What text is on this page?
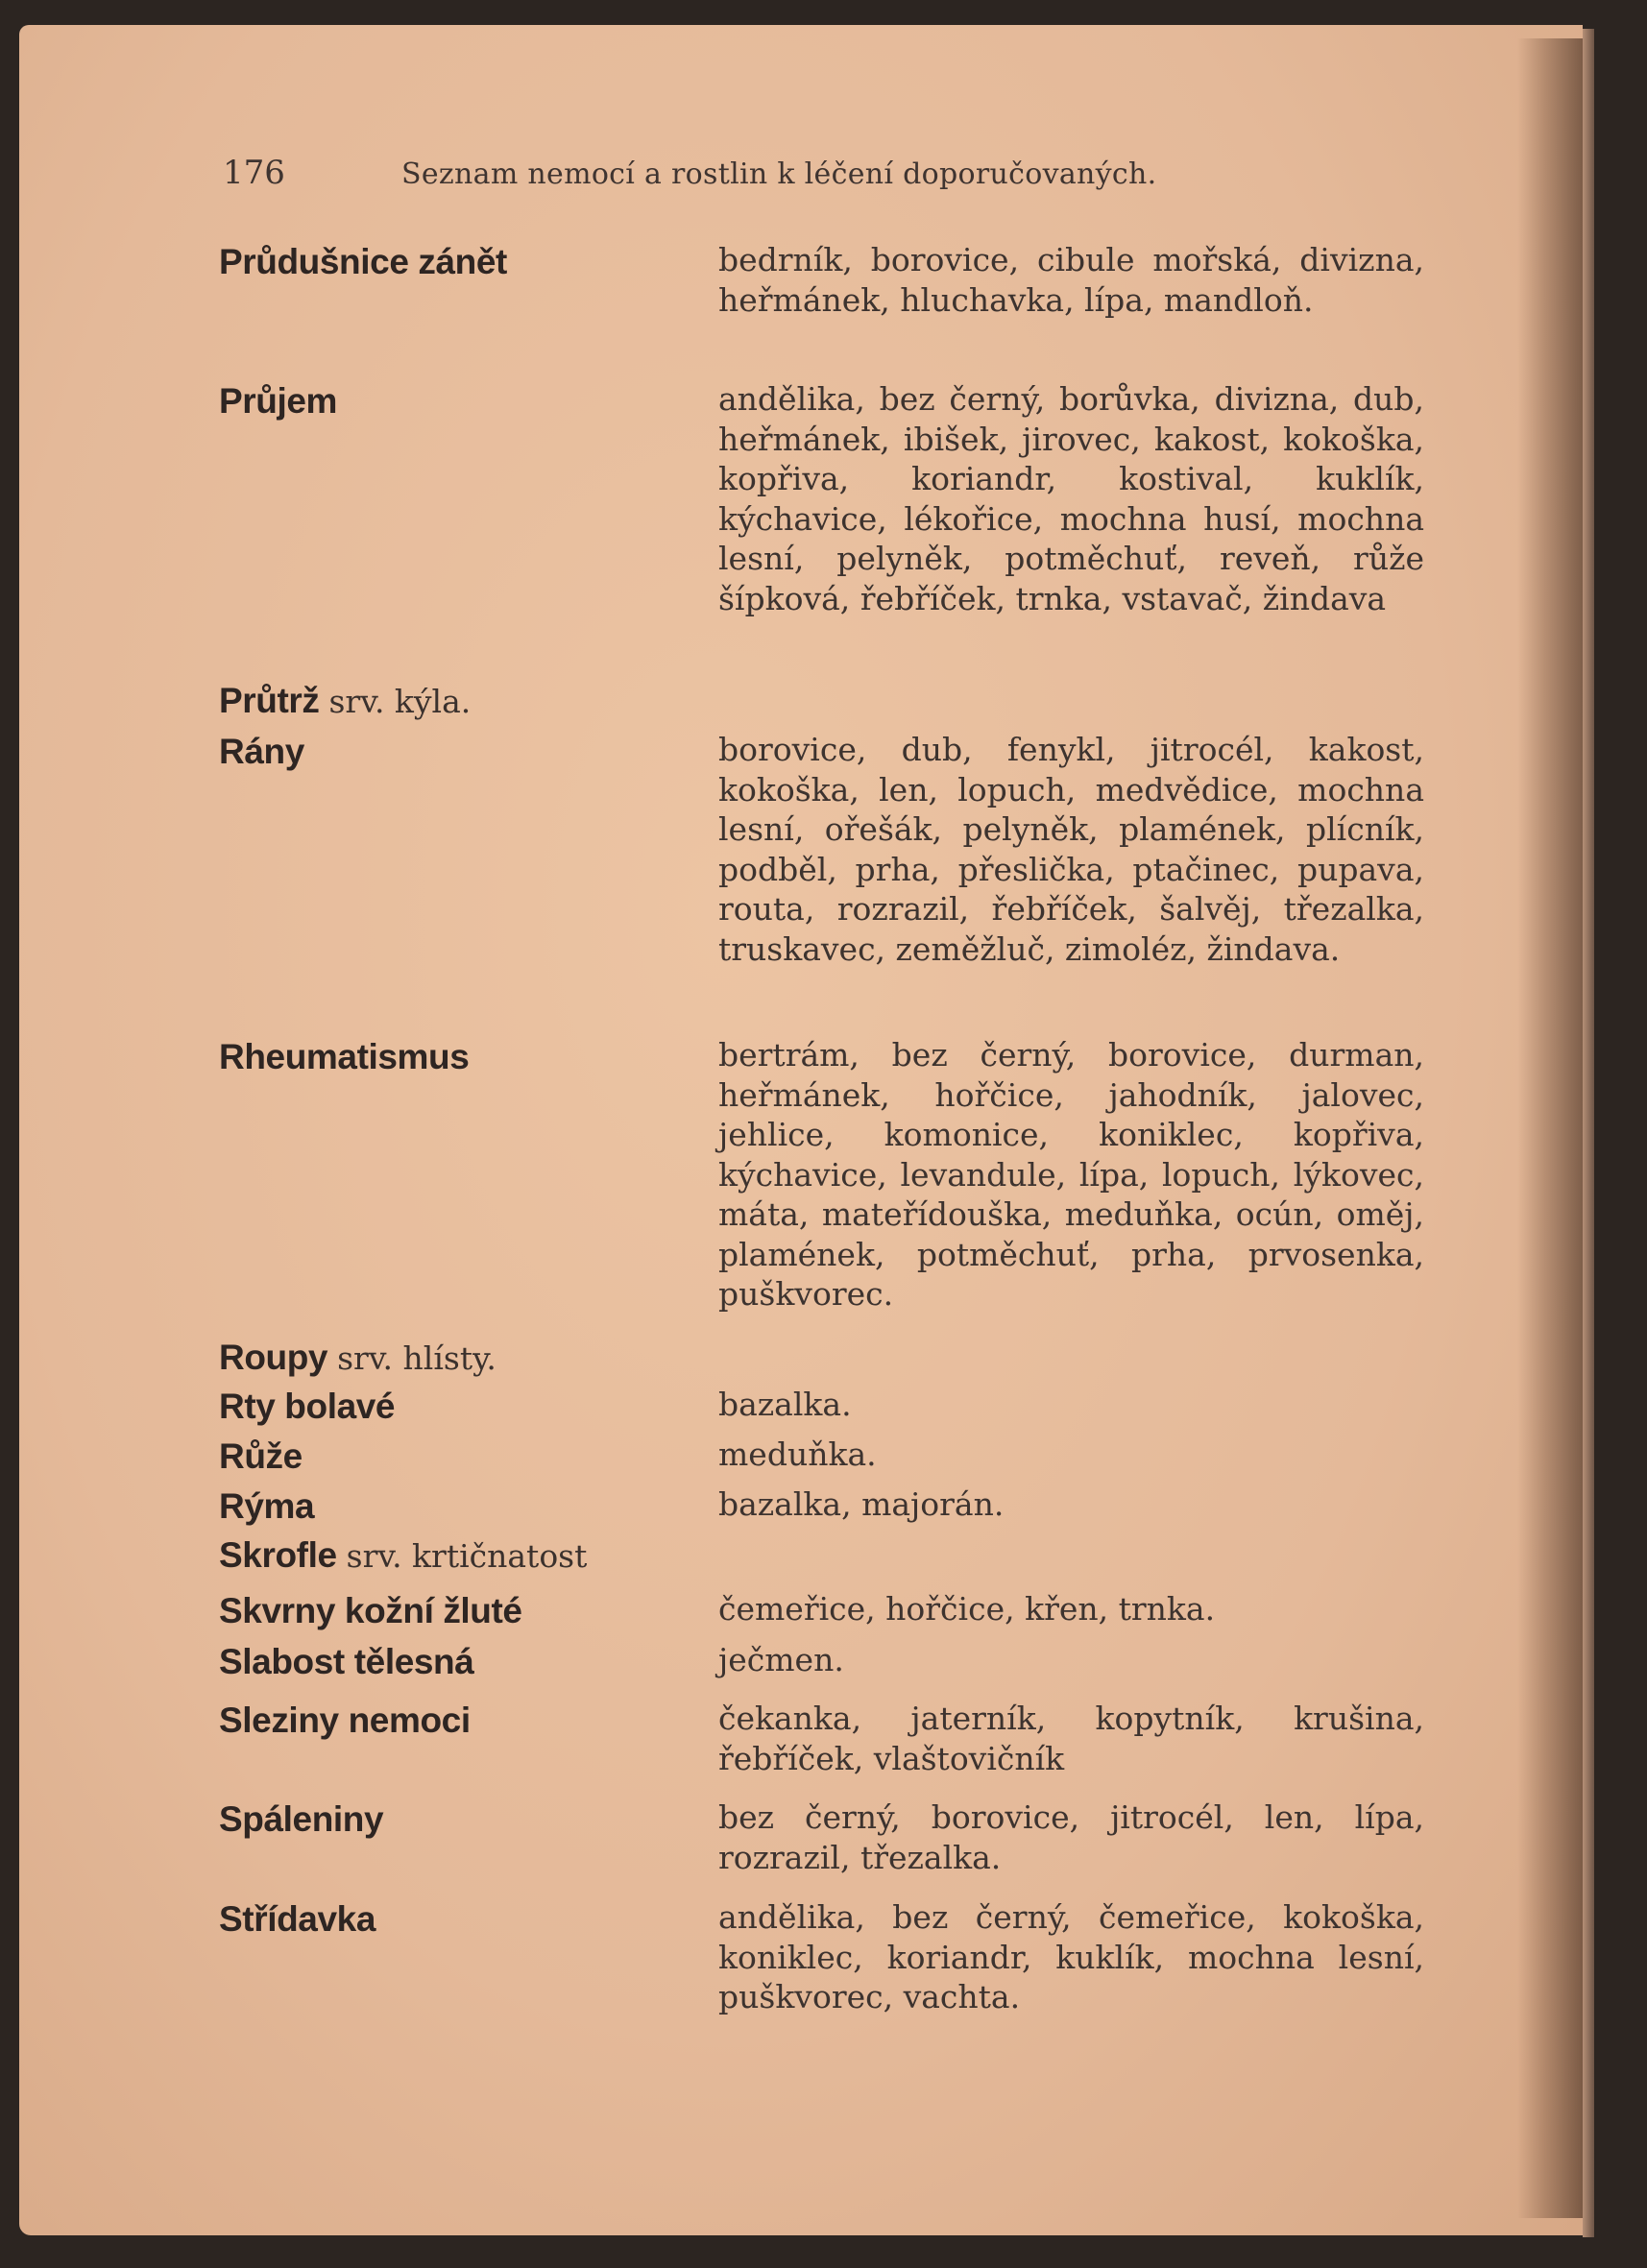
176	Seznam nemocí a rostlin k léčení doporučovaných.
Průdušnice zánět	bedrník, borovice, cibule mořská, divizna, heřmánek, hluchavka, lípa, mandloň.
Průjem	andělika, bez černý, borůvka, divizna, dub, heřmánek, ibišek, jirovec, kakost, kokoška, kopřiva, koriandr, kostival, kuklík, kýchavice, lékořice, mochna husí, mochna lesní, pelyněk, potměchuť, reveň, růže šípková, řebříček, trnka, vstavač, žindava
Průtrž srv. kýla.
Rány	borovice, dub, fenykl, jitrocél, kakost, kokoška, len, lopuch, medvědice, mochna lesní, ořešák, pelyněk, plamének, plícník, podběl, prha, přeslička, ptačinec, pupava, routa, rozrazil, řebříček, šalvěj, třezalka, truskavec, zeměžluč, zimoléz, žindava.
Rheumatismus	bertrám, bez černý, borovice, durman, heřmánek, hořčice, jahodník, jalovec, jehlice, komonice, koniklec, kopřiva, kýchavice, levandule, lípa, lopuch, lýkovec, máta, mateřídouška, meduňka, ocún, oměj, plamének, potměchuť, prha, prvosenka, puškvorec.
Roupy srv. hlísty.
Rty bolavé	bazalka.
Růže	meduňka.
Rýma	bazalka, majorán.
Skrofle srv. krtičnatost
Skvrny kožní žluté	čemeřice, hořčice, křen, trnka.
Slabost tělesná	ječmen.
Sleziny nemoci	čekanka, jaterník, kopytník, krušina, řebříček, vlaštovičník
Spáleniny	bez černý, borovice, jitrocél, len, lípa, rozrazil, třezalka.
Střídavka	andělika, bez černý, čemeřice, kokoška, koniklec, koriandr, kuklík, mochna lesní, puškvorec, vachta.
